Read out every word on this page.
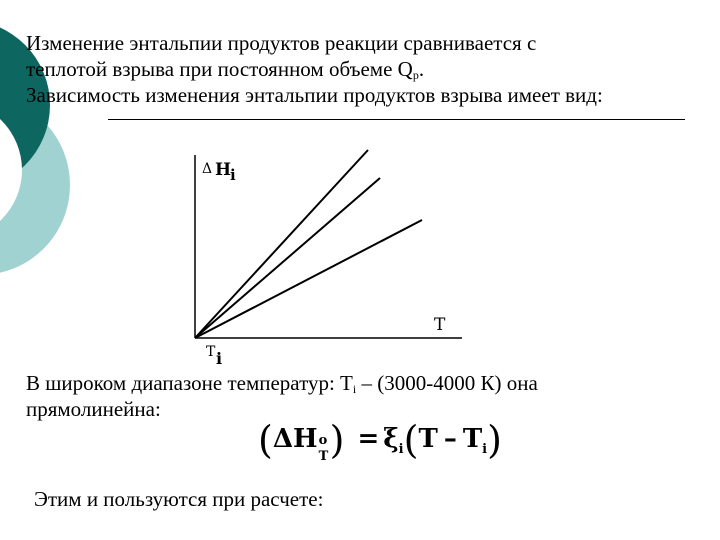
Изменение энтальпии продуктов реакции сравнивается с
теплотой взрыва при постоянном объеме $Q_p$.
Зависимость изменения энтальпии продуктов взрыва имеет вид:
Δ H
i
T
T i
В широком диапазоне температур: $T_i - (3000-4000$ К) она
прямолинейна:
(ΔH o
T ) = $\xi_i(T - T_i)$
Этим и пользуются при расчете:
